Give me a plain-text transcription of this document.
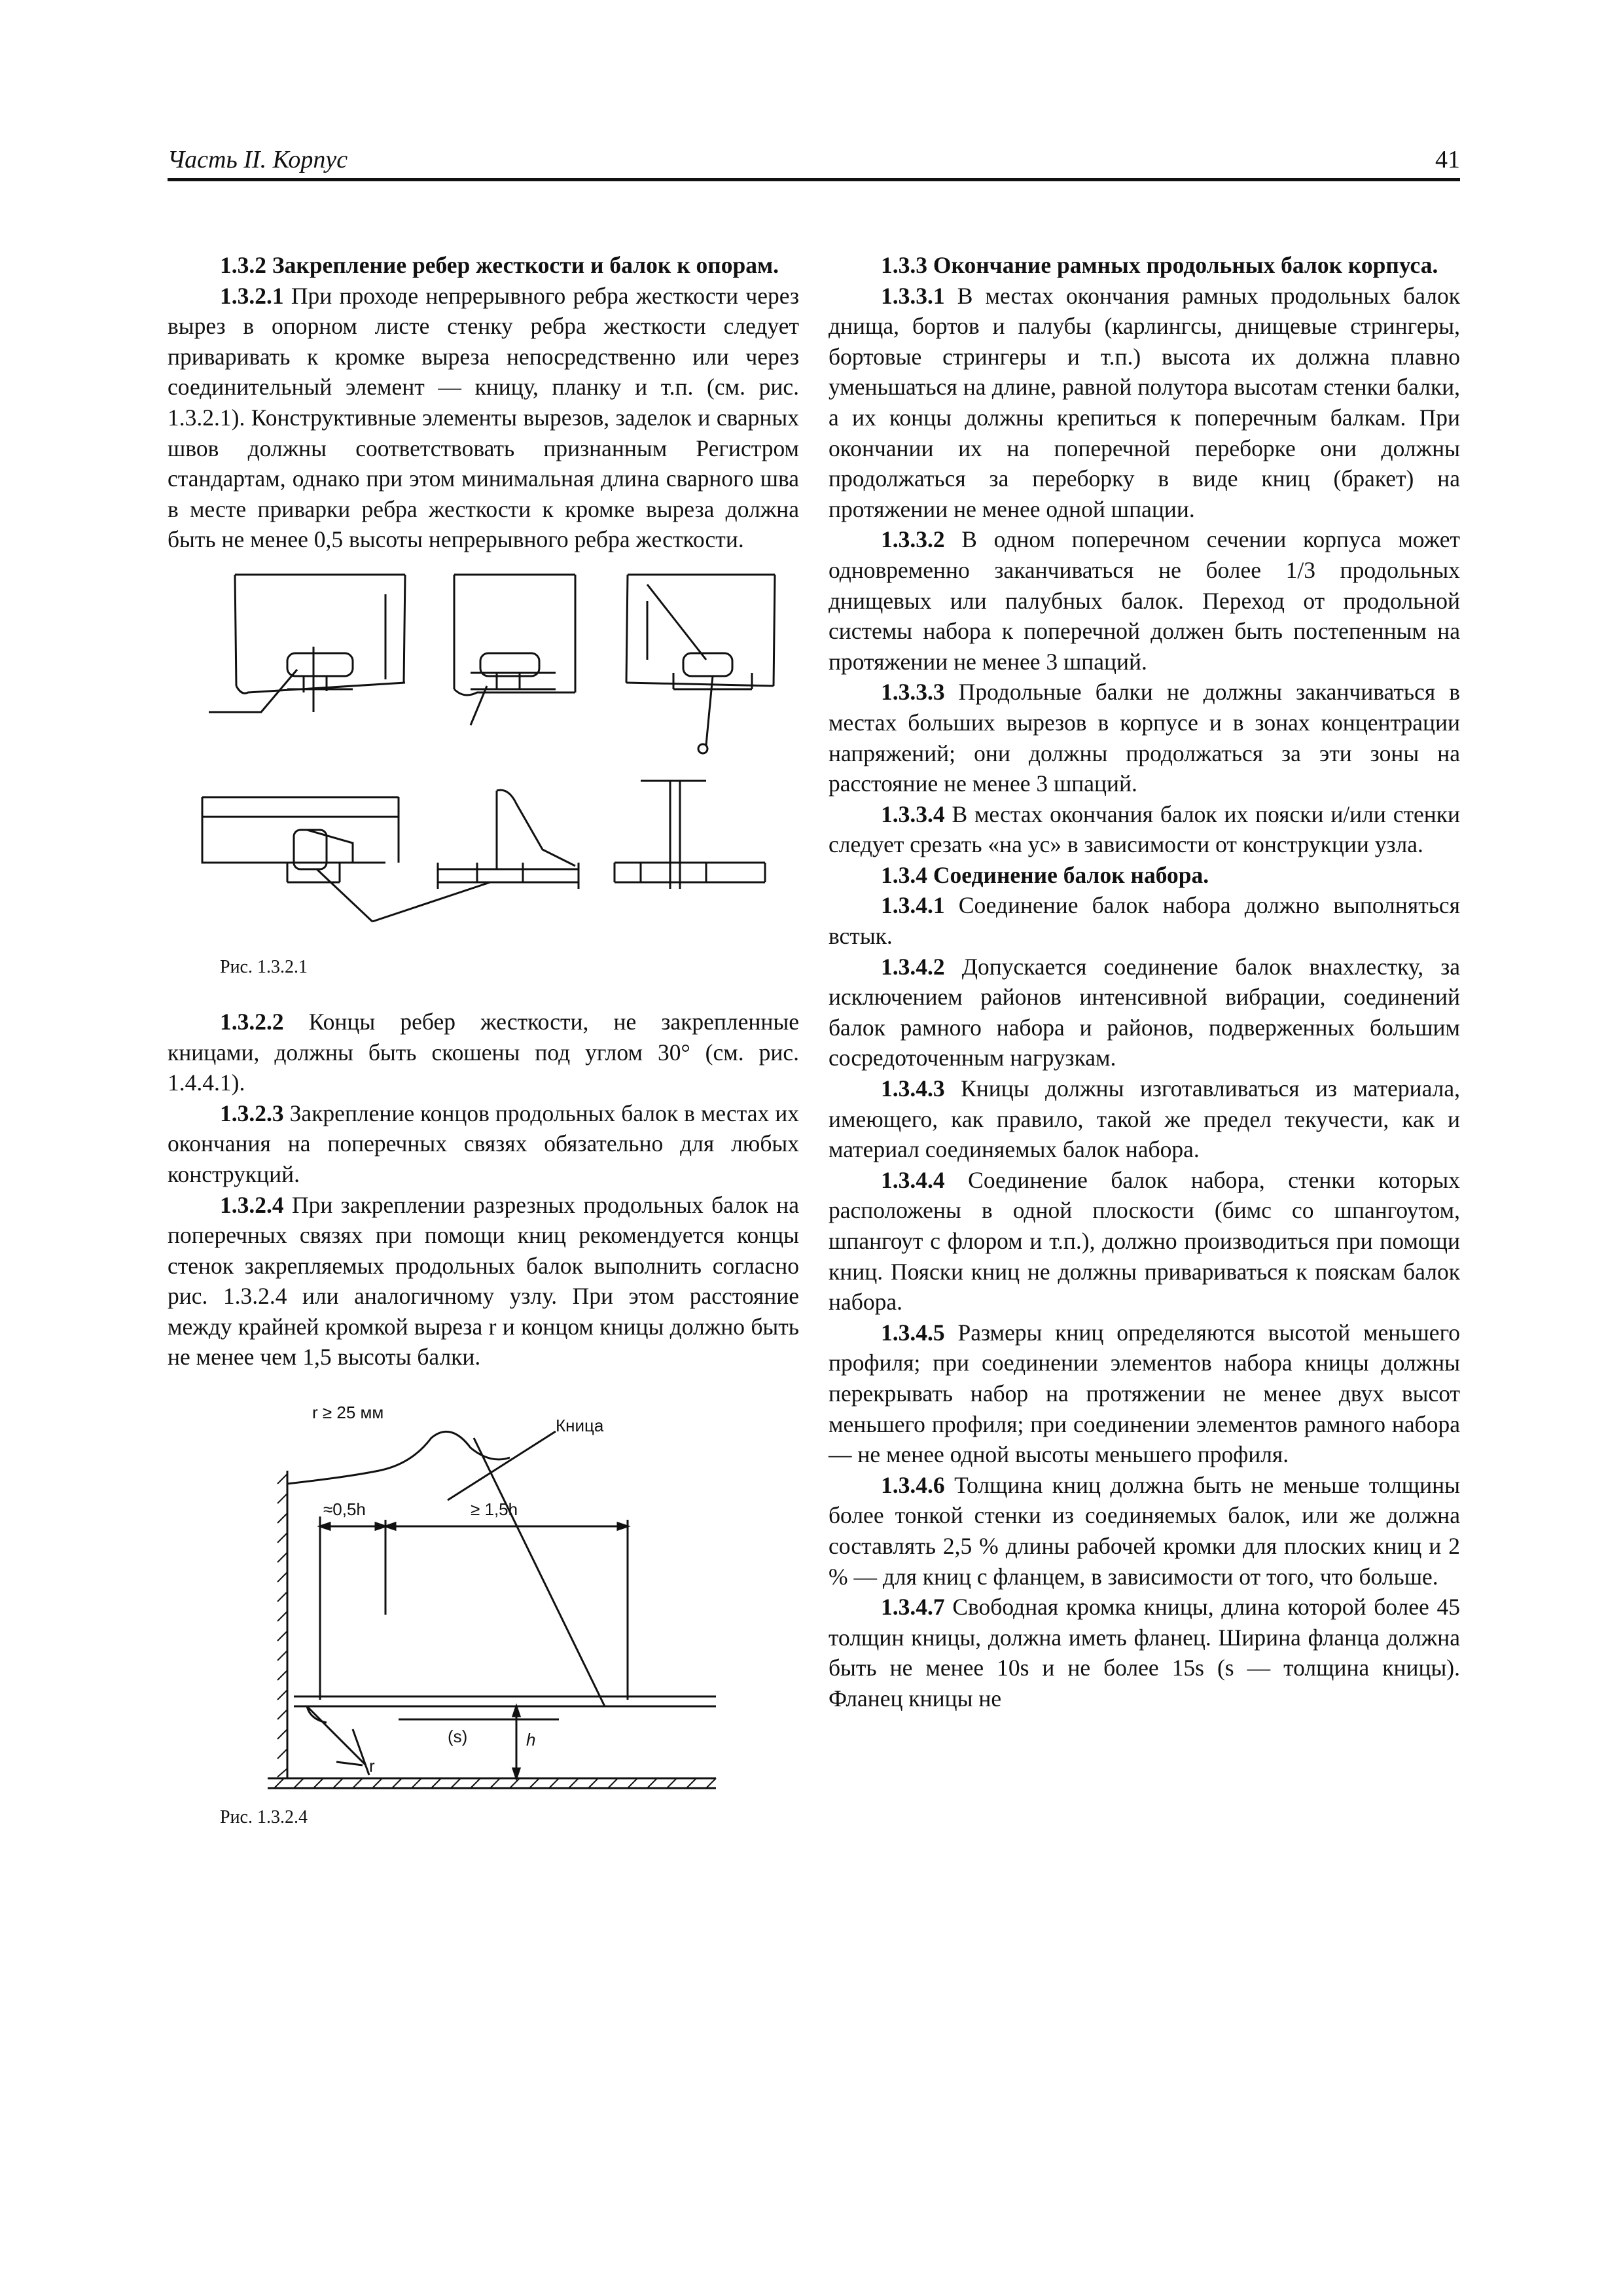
Часть II. Корпус	41

1.3.2 Закрепление ребер жесткости и балок к опорам.

1.3.2.1 При проходе непрерывного ребра жесткости через вырез в опорном листе стенку ребра жесткости следует приваривать к кромке выреза непосредственно или через соединительный элемент — кницу, планку и т.п. (см. рис. 1.3.2.1). Конструктивные элементы вырезов, заделок и сварных швов должны соответствовать признанным Регистром стандартам, однако при этом минимальная длина сварного шва в месте приварки ребра жесткости к кромке выреза должна быть не менее 0,5 высоты непрерывного ребра жесткости.

Рис. 1.3.2.1

1.3.2.2 Концы ребер жесткости, не закрепленные кницами, должны быть скошены под углом 30° (см. рис. 1.4.4.1).

1.3.2.3 Закрепление концов продольных балок в местах их окончания на поперечных связях обязательно для любых конструкций.

1.3.2.4 При закреплении разрезных продольных балок на поперечных связях при помощи книц рекомендуется концы стенок закрепляемых продольных балок выполнить согласно рис. 1.3.2.4 или аналогичному узлу. При этом расстояние между крайней кромкой выреза r и концом кницы должно быть не менее чем 1,5 высоты балки.

r ≥ 25 мм
Кница
≈0,5h	≥ 1,5h
(s)	h
r

Рис. 1.3.2.4

1.3.3 Окончание рамных продольных балок корпуса.

1.3.3.1 В местах окончания рамных продольных балок днища, бортов и палубы (карлингсы, днищевые стрингеры, бортовые стрингеры и т.п.) высота их должна плавно уменьшаться на длине, равной полутора высотам стенки балки, а их концы должны крепиться к поперечным балкам. При окончании их на поперечной переборке они должны продолжаться за переборку в виде книц (бракет) на протяжении не менее одной шпации.

1.3.3.2 В одном поперечном сечении корпуса может одновременно заканчиваться не более 1/3 продольных днищевых или палубных балок. Переход от продольной системы набора к поперечной должен быть постепенным на протяжении не менее 3 шпаций.

1.3.3.3 Продольные балки не должны заканчиваться в местах больших вырезов в корпусе и в зонах концентрации напряжений; они должны продолжаться за эти зоны на расстояние не менее 3 шпаций.

1.3.3.4 В местах окончания балок их пояски и/или стенки следует срезать «на ус» в зависимости от конструкции узла.

1.3.4 Соединение балок набора.

1.3.4.1 Соединение балок набора должно выполняться встык.

1.3.4.2 Допускается соединение балок внахлестку, за исключением районов интенсивной вибрации, соединений балок рамного набора и районов, подверженных большим сосредоточенным нагрузкам.

1.3.4.3 Кницы должны изготавливаться из материала, имеющего, как правило, такой же предел текучести, как и материал соединяемых балок набора.

1.3.4.4 Соединение балок набора, стенки которых расположены в одной плоскости (бимс со шпангоутом, шпангоут с флором и т.п.), должно производиться при помощи книц. Пояски книц не должны привариваться к пояскам балок набора.

1.3.4.5 Размеры книц определяются высотой меньшего профиля; при соединении элементов набора кницы должны перекрывать набор на протяжении не менее двух высот меньшего профиля; при соединении элементов рамного набора — не менее одной высоты меньшего профиля.

1.3.4.6 Толщина книц должна быть не меньше толщины более тонкой стенки из соединяемых балок, или же должна составлять 2,5 % длины рабочей кромки для плоских книц и 2 % — для книц с фланцем, в зависимости от того, что больше.

1.3.4.7 Свободная кромка кницы, длина которой более 45 толщин кницы, должна иметь фланец. Ширина фланца должна быть не менее 10s и не более 15s (s — толщина кницы). Фланец кницы не
